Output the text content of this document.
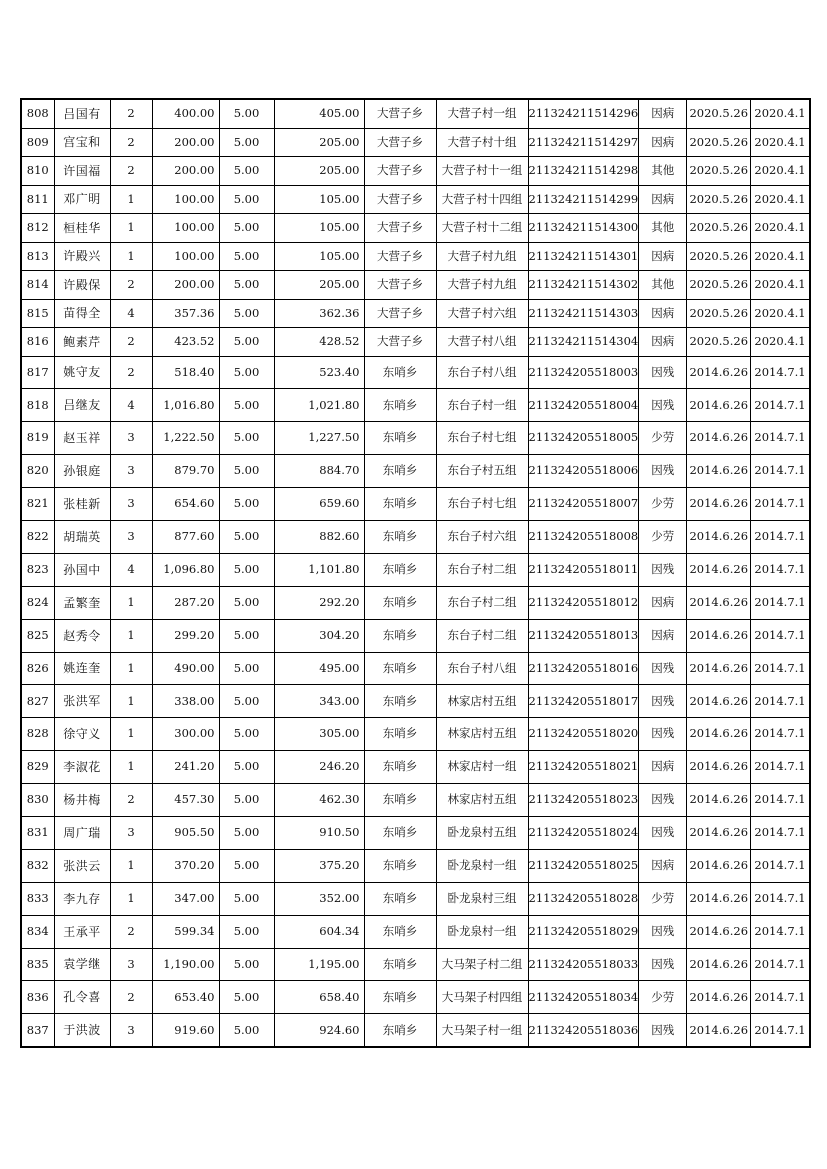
808	吕国有	2	400.00	5.00	405.00	大营子乡	大营子村一组	211324211514296	因病	2020.5.26	2020.4.1
809	宫宝和	2	200.00	5.00	205.00	大营子乡	大营子村十组	211324211514297	因病	2020.5.26	2020.4.1
810	许国福	2	200.00	5.00	205.00	大营子乡	大营子村十一组	211324211514298	其他	2020.5.26	2020.4.1
811	邓广明	1	100.00	5.00	105.00	大营子乡	大营子村十四组	211324211514299	因病	2020.5.26	2020.4.1
812	桓桂华	1	100.00	5.00	105.00	大营子乡	大营子村十二组	211324211514300	其他	2020.5.26	2020.4.1
813	许殿兴	1	100.00	5.00	105.00	大营子乡	大营子村九组	211324211514301	因病	2020.5.26	2020.4.1
814	许殿保	2	200.00	5.00	205.00	大营子乡	大营子村九组	211324211514302	其他	2020.5.26	2020.4.1
815	苗得全	4	357.36	5.00	362.36	大营子乡	大营子村六组	211324211514303	因病	2020.5.26	2020.4.1
816	鲍素芹	2	423.52	5.00	428.52	大营子乡	大营子村八组	211324211514304	因病	2020.5.26	2020.4.1
817	姚守友	2	518.40	5.00	523.40	东哨乡	东台子村八组	211324205518003	因残	2014.6.26	2014.7.1
818	吕继友	4	1,016.80	5.00	1,021.80	东哨乡	东台子村一组	211324205518004	因残	2014.6.26	2014.7.1
819	赵玉祥	3	1,222.50	5.00	1,227.50	东哨乡	东台子村七组	211324205518005	少劳	2014.6.26	2014.7.1
820	孙银庭	3	879.70	5.00	884.70	东哨乡	东台子村五组	211324205518006	因残	2014.6.26	2014.7.1
821	张桂新	3	654.60	5.00	659.60	东哨乡	东台子村七组	211324205518007	少劳	2014.6.26	2014.7.1
822	胡瑞英	3	877.60	5.00	882.60	东哨乡	东台子村六组	211324205518008	少劳	2014.6.26	2014.7.1
823	孙国中	4	1,096.80	5.00	1,101.80	东哨乡	东台子村二组	211324205518011	因残	2014.6.26	2014.7.1
824	孟繁奎	1	287.20	5.00	292.20	东哨乡	东台子村二组	211324205518012	因病	2014.6.26	2014.7.1
825	赵秀令	1	299.20	5.00	304.20	东哨乡	东台子村二组	211324205518013	因病	2014.6.26	2014.7.1
826	姚连奎	1	490.00	5.00	495.00	东哨乡	东台子村八组	211324205518016	因残	2014.6.26	2014.7.1
827	张洪军	1	338.00	5.00	343.00	东哨乡	林家店村五组	211324205518017	因残	2014.6.26	2014.7.1
828	徐守义	1	300.00	5.00	305.00	东哨乡	林家店村五组	211324205518020	因残	2014.6.26	2014.7.1
829	李淑花	1	241.20	5.00	246.20	东哨乡	林家店村一组	211324205518021	因病	2014.6.26	2014.7.1
830	杨井梅	2	457.30	5.00	462.30	东哨乡	林家店村五组	211324205518023	因残	2014.6.26	2014.7.1
831	周广瑞	3	905.50	5.00	910.50	东哨乡	卧龙泉村五组	211324205518024	因残	2014.6.26	2014.7.1
832	张洪云	1	370.20	5.00	375.20	东哨乡	卧龙泉村一组	211324205518025	因病	2014.6.26	2014.7.1
833	李九存	1	347.00	5.00	352.00	东哨乡	卧龙泉村三组	211324205518028	少劳	2014.6.26	2014.7.1
834	王承平	2	599.34	5.00	604.34	东哨乡	卧龙泉村一组	211324205518029	因残	2014.6.26	2014.7.1
835	袁学继	3	1,190.00	5.00	1,195.00	东哨乡	大马架子村二组	211324205518033	因残	2014.6.26	2014.7.1
836	孔令喜	2	653.40	5.00	658.40	东哨乡	大马架子村四组	211324205518034	少劳	2014.6.26	2014.7.1
837	于洪波	3	919.60	5.00	924.60	东哨乡	大马架子村一组	211324205518036	因残	2014.6.26	2014.7.1
